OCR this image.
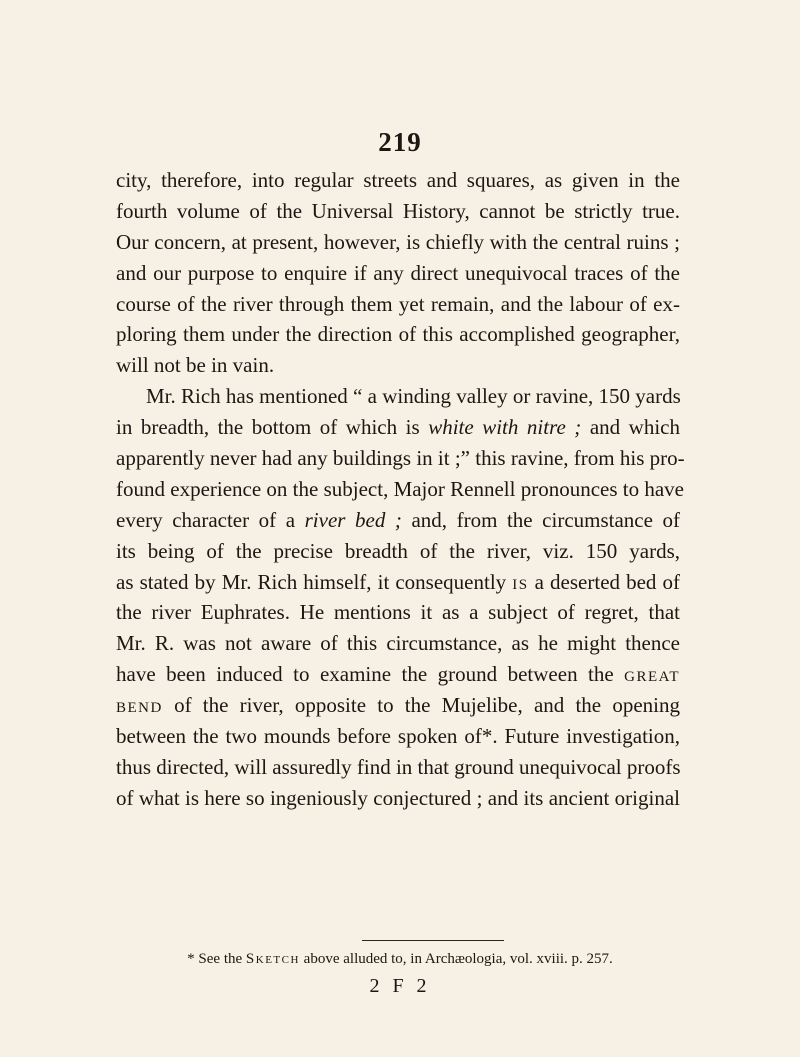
219
city, therefore, into regular streets and squares, as given in the
fourth volume of the Universal History, cannot be strictly true.
Our concern, at present, however, is chiefly with the central ruins ;
and our purpose to enquire if any direct unequivocal traces of the
course of the river through them yet remain, and the labour of ex-
ploring them under the direction of this accomplished geographer,
will not be in vain.
Mr. Rich has mentioned “ a winding valley or ravine, 150 yards
in breadth, the bottom of which is white with nitre ; and which
apparently never had any buildings in it ;” this ravine, from his pro-
found experience on the subject, Major Rennell pronounces to have
every character of a river bed ; and, from the circumstance of
its being of the precise breadth of the river, viz. 150 yards,
as stated by Mr. Rich himself, it consequently is a deserted bed of
the river Euphrates. He mentions it as a subject of regret, that
Mr. R. was not aware of this circumstance, as he might thence
have been induced to examine the ground between the great
bend of the river, opposite to the Mujelibe, and the opening
between the two mounds before spoken of*. Future investigation,
thus directed, will assuredly find in that ground unequivocal proofs
of what is here so ingeniously conjectured ; and its ancient original
* See the Sketch above alluded to, in Archæologia, vol. xviii. p. 257.
2 F 2
